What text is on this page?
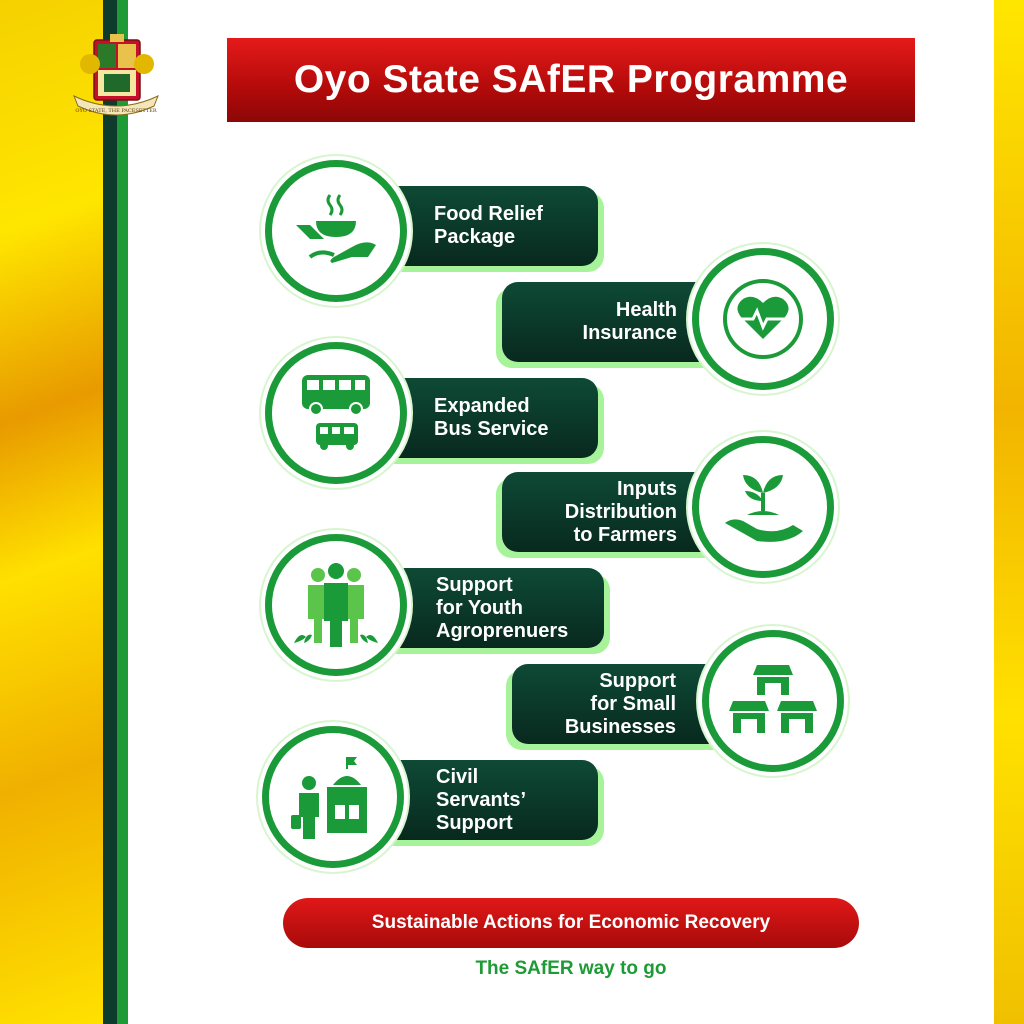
OYO STATE, THE PACESETTER
Oyo State SAfER Programme
Food Relief
Package
Health
Insurance
Expanded
Bus Service
Inputs
Distribution
to Farmers
Support
for Youth
Agroprenuers
Support
for Small
Businesses
Civil
Servants’
Support
Sustainable Actions for Economic Recovery
The SAfER way to go
